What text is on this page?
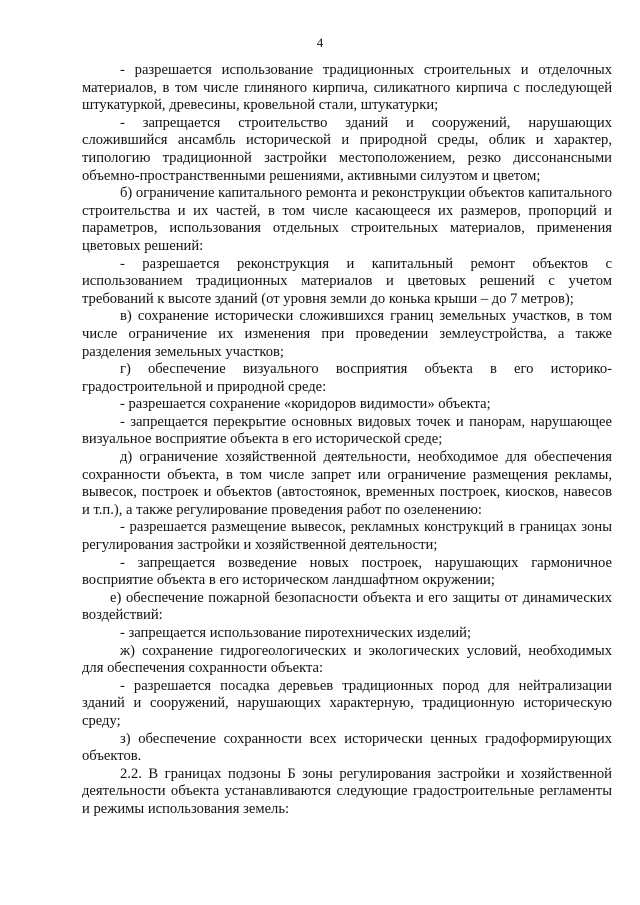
4

- разрешается использование традиционных строительных и отделочных материалов, в том числе глиняного кирпича, силикатного кирпича с последующей штукатуркой, древесины, кровельной стали, штукатурки;

- запрещается строительство зданий и сооружений, нарушающих сложившийся ансамбль исторической и природной среды, облик и характер, типологию традиционной застройки местоположением, резко диссонансными объемно-пространственными решениями, активными силуэтом и цветом;

б) ограничение капитального ремонта и реконструкции объектов капитального строительства и их частей, в том числе касающееся их размеров, пропорций и параметров, использования отдельных строительных материалов, применения цветовых решений:

- разрешается реконструкция и капитальный ремонт объектов с использованием традиционных материалов и цветовых решений с учетом требований к высоте зданий (от уровня земли до конька крыши – до 7 метров);

в) сохранение исторически сложившихся границ земельных участков, в том числе ограничение их изменения при проведении землеустройства, а также разделения земельных участков;

г) обеспечение визуального восприятия объекта в его историко-градостроительной и природной среде:

- разрешается сохранение «коридоров видимости» объекта;

- запрещается перекрытие основных видовых точек и панорам, нарушающее визуальное восприятие объекта в его исторической среде;

д) ограничение хозяйственной деятельности, необходимое для обеспечения сохранности объекта, в том числе запрет или ограничение размещения рекламы, вывесок, построек и объектов (автостоянок, временных построек, киосков, навесов и т.п.), а также регулирование проведения работ по озеленению:

- разрешается размещение вывесок, рекламных конструкций в границах зоны регулирования застройки и хозяйственной деятельности;

- запрещается возведение новых построек, нарушающих гармоничное восприятие объекта в его историческом ландшафтном окружении;

е) обеспечение пожарной безопасности объекта и его защиты от динамических воздействий:

- запрещается использование пиротехнических изделий;

ж) сохранение гидрогеологических и экологических условий, необходимых для обеспечения сохранности объекта:

- разрешается посадка деревьев традиционных пород для нейтрализации зданий и сооружений, нарушающих характерную, традиционную историческую среду;

з) обеспечение сохранности всех исторически ценных градоформирующих объектов.

2.2. В границах подзоны Б зоны регулирования застройки и хозяйственной деятельности объекта устанавливаются следующие градостроительные регламенты и режимы использования земель:
